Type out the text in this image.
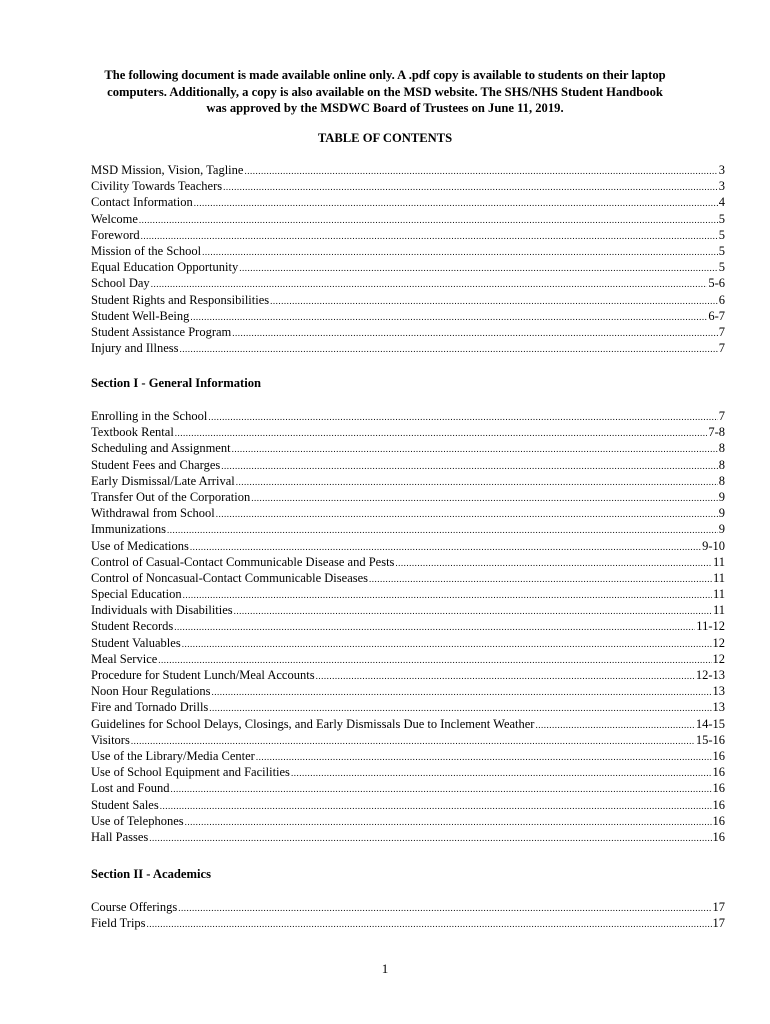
The following document is made available online only. A .pdf copy is available to students on their laptop
computers. Additionally, a copy is also available on the MSD website. The SHS/NHS Student Handbook
was approved by the MSDWC Board of Trustees on June 11, 2019.
TABLE OF CONTENTS
MSD Mission, Vision, Tagline .....	3
Civility Towards Teachers .....	3
Contact Information .....	4
Welcome .....	5
Foreword .....	5
Mission of the School .....	5
Equal Education Opportunity .....	5
School Day .....	5-6
Student Rights and Responsibilities .....	6
Student Well-Being .....	6-7
Student Assistance Program .....	7
Injury and Illness .....	7
Section I - General Information
Enrolling in the School .....	7
Textbook Rental .....	7-8
Scheduling and Assignment .....	8
Student Fees and Charges .....	8
Early Dismissal/Late Arrival .....	8
Transfer Out of the Corporation .....	9
Withdrawal from School .....	9
Immunizations .....	9
Use of Medications .....	9-10
Control of Casual-Contact Communicable Disease and Pests .....	11
Control of Noncasual-Contact Communicable Diseases .....	11
Special Education .....	11
Individuals with Disabilities .....	11
Student Records .....	11-12
Student Valuables .....	12
Meal Service .....	12
Procedure for Student Lunch/Meal Accounts .....	12-13
Noon Hour Regulations .....	13
Fire and Tornado Drills .....	13
Guidelines for School Delays, Closings, and Early Dismissals Due to Inclement Weather .....	14-15
Visitors .....	15-16
Use of the Library/Media Center .....	16
Use of School Equipment and Facilities .....	16
Lost and Found .....	16
Student Sales .....	16
Use of Telephones .....	16
Hall Passes .....	16
Section II - Academics
Course Offerings .....	17
Field Trips .....	17
1
